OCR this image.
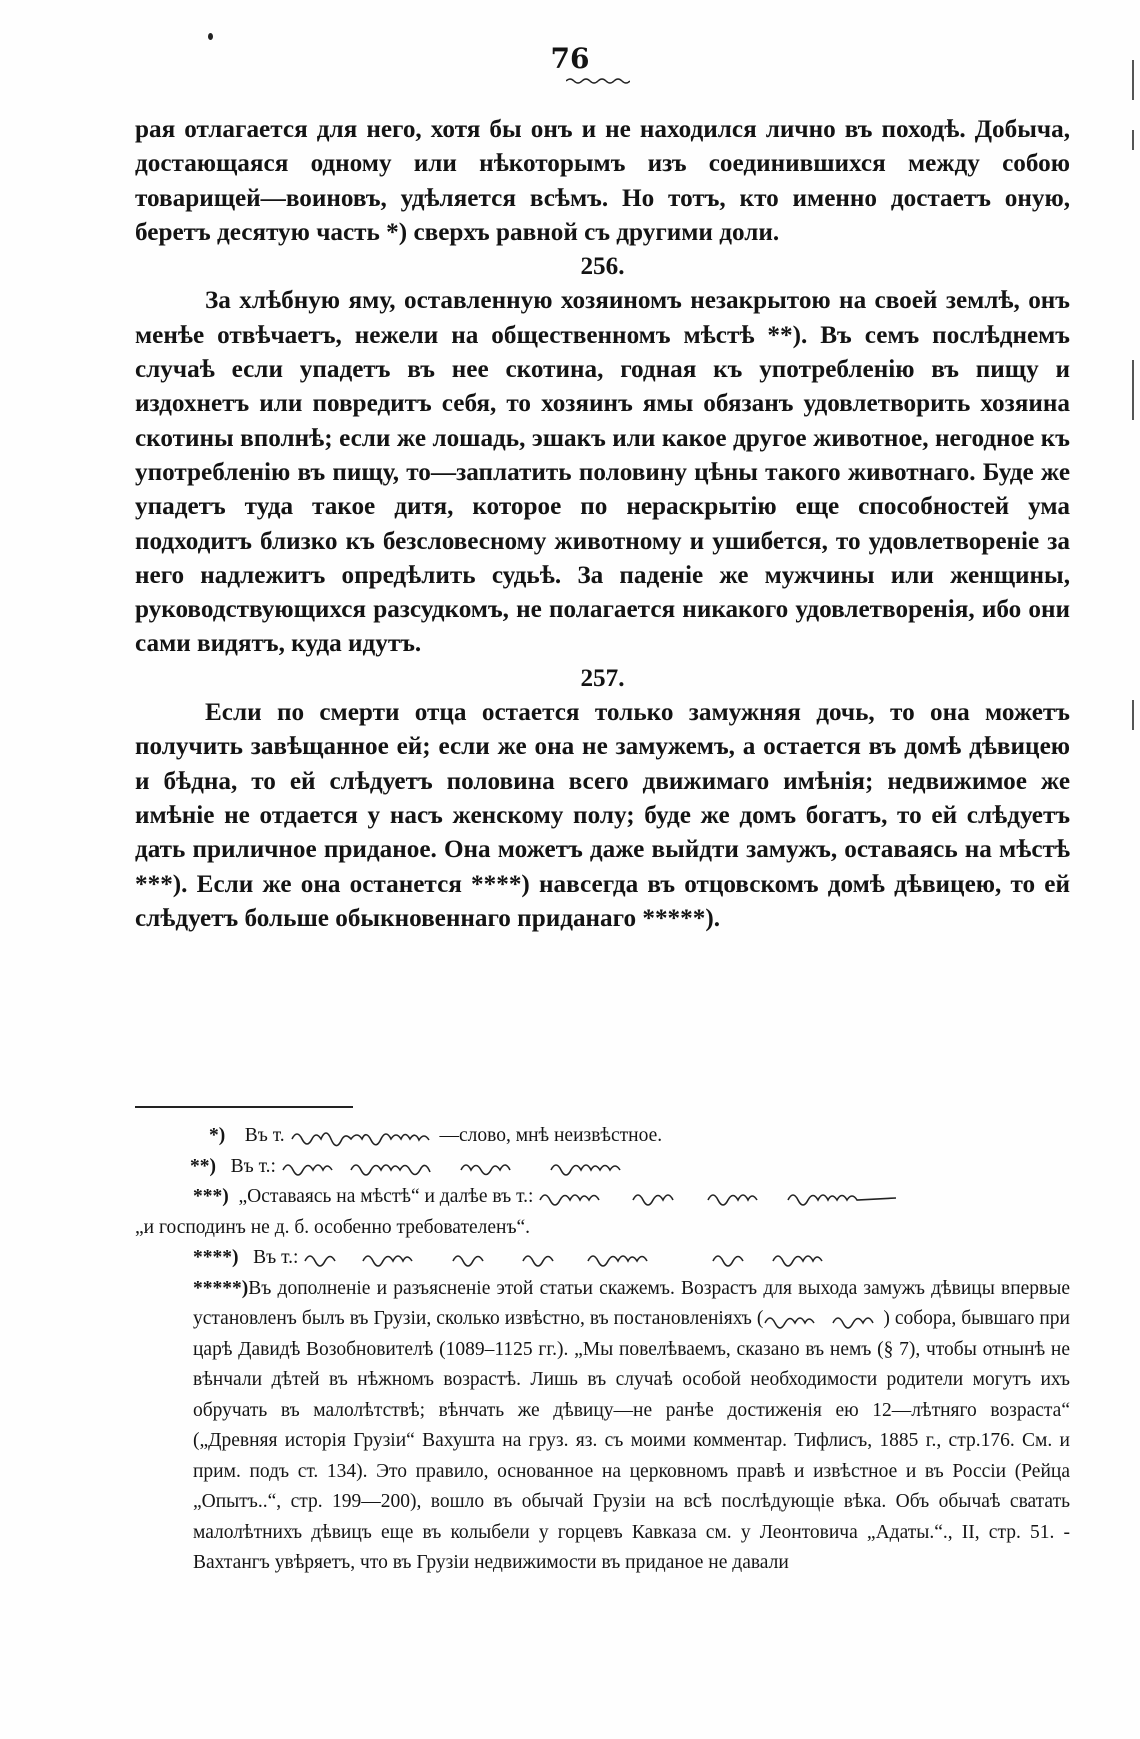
76

рая отлагается для него, хотя бы онъ и не находился лично въ походѣ. Добыча, достающаяся одному или нѣкоторымъ изъ соединившихся между собою товарищей—воиновъ, удѣляется всѣмъ. Но тотъ, кто именно достаетъ оную, беретъ десятую часть *) сверхъ равной съ другими доли.

256.

За хлѣбную яму, оставленную хозяиномъ незакрытою на своей землѣ, онъ менѣе отвѣчаетъ, нежели на общественномъ мѣстѣ **). Въ семъ послѣднемъ случаѣ если упадетъ въ нее скотина, годная къ употребленію въ пищу и издохнетъ или повредитъ себя, то хозяинъ ямы обязанъ удовлетворить хозяина скотины вполнѣ; если же лошадь, эшакъ или какое другое животное, негодное къ употребленію въ пищу, то—заплатить половину цѣны такого животнаго. Буде же упадетъ туда такое дитя, которое по нераскрытію еще способностей ума подходитъ близко къ безсловесному животному и ушибется, то удовлетвореніе за него надлежитъ опредѣлить судьѣ. За паденіе же мужчины или женщины, руководствующихся разсудкомъ, не полагается никакого удовлетворенія, ибо они сами видятъ, куда идутъ.

257.

Если по смерти отца остается только замужняя дочь, то она можетъ получить завѣщанное ей; если же она не замужемъ, а остается въ домѣ дѣвицею и бѣдна, то ей слѣдуетъ половина всего движимаго имѣнія; недвижимое же имѣніе не отдается у насъ женскому полу; буде же домъ богатъ, то ей слѣдуетъ дать приличное приданое. Она можетъ даже выйдти замужъ, оставаясь на мѣстѣ ***). Если же она останется ****) навсегда въ отцовскомъ домѣ дѣвицею, то ей слѣдуетъ больше обыкновеннаго приданаго *****).

*) Въ т.	—слово, мнѣ неизвѣстное.

**) Въ т.:

***) „Оставаясь на мѣстѣ“ и далѣе въ т.:

„и господинъ не д. б. особенно требователенъ“.

****) Въ т.:

*****)Въ дополненіе и разъясненіе этой статьи скажемъ. Возрастъ для выхода замужъ дѣвицы впервые установленъ былъ въ Грузіи, сколько извѣстно, въ постановленіяхъ (	) собора, бывшаго при царѣ Давидѣ Возобновителѣ (1089–1125 гг.). „Мы повелѣваемъ, сказано въ немъ (§ 7), чтобы отнынѣ не вѣнчали дѣтей въ нѣжномъ возрастѣ. Лишь въ случаѣ особой необходимости родители могутъ ихъ обручать въ малолѣтствѣ; вѣнчать же дѣвицу—не ранѣе достиженія ею 12—лѣтняго возраста“ („Древняя исторія Грузіи“ Вахушта на груз. яз. съ моими комментар. Тифлисъ, 1885 г., стр.176. См. и прим. подъ ст. 134). Это правило, основанное на церковномъ правѣ и извѣстное и въ Россіи (Рейца „Опытъ..“, стр. 199—200), вошло въ обычай Грузіи на всѣ послѣдующіе вѣка. Объ обычаѣ сватать малолѣтнихъ дѣвицъ еще въ колыбели у горцевъ Кавказа см. у Леонтовича „Адаты.“., II, стр. 51. - Вахтангъ увѣряетъ, что въ Грузіи недвижимости въ приданое не давали
